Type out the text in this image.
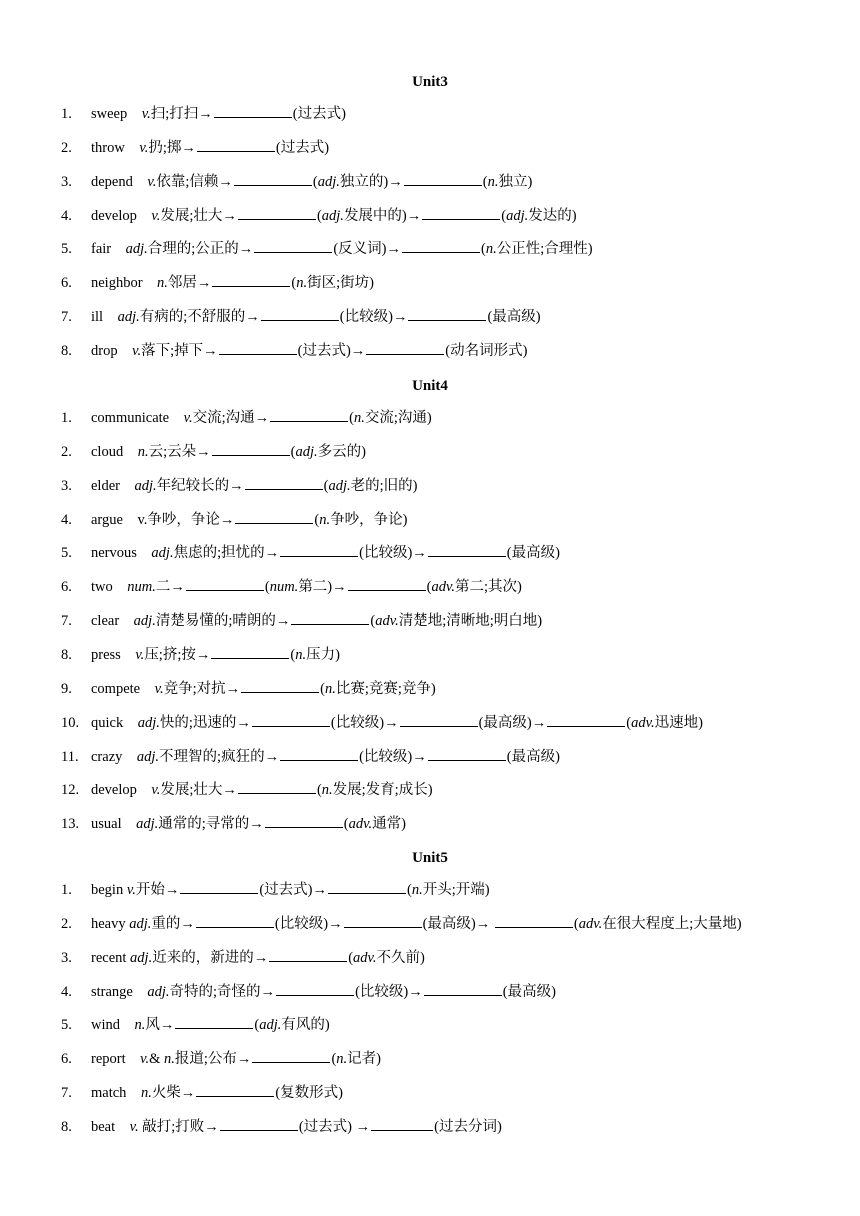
Unit3
1. sweep　v.扫;打扫→	(过去式)
2. throw　v.扔;掷→	(过去式)
3. depend　v.依靠;信赖→	(adj.独立的)→	(n.独立)
4. develop　v.发展;壮大→	(adj.发展中的)→	(adj.发达的)
5. fair　adj.合理的;公正的→	(反义词)→	(n.公正性;合理性)
6. neighbor　n.邻居→	(n.街区;街坊)
7. ill　adj.有病的;不舒服的→	(比较级)→	(最高级)
8. drop　v.落下;掉下→	(过去式)→	(动名词形式)
Unit4
1. communicate　v.交流;沟通→	(n.交流;沟通)
2. cloud　n.云;云朵→	(adj.多云的)
3. elder　adj.年纪较长的→	(adj.老的;旧的)
4. argue　v.争吵，争论→	(n.争吵，争论)
5. nervous　adj.焦虑的;担忧的→	(比较级)→	(最高级)
6. two　num.二→	(num.第二)→	(adv.第二;其次)
7. clear　adj.清楚易懂的;晴朗的→	(adv.清楚地;清晰地;明白地)
8. press　v.压;挤;按→	(n.压力)
9. compete　v.竞争;对抗→	(n.比赛;竞赛;竞争)
10. quick　adj.快的;迅速的→	(比较级)→	(最高级)→	(adv.迅速地)
11. crazy　adj.不理智的;疯狂的→	(比较级)→	(最高级)
12. develop　v.发展;壮大→	(n.发展;发育;成长)
13. usual　adj.通常的;寻常的→	(adv.通常)
Unit5
1. begin v.开始→	(过去式)→	(n.开头;开端)
2. heavy adj.重的→	(比较级)→	(最高级)→	(adv.在很大程度上;大量地)
3. recent adj.近来的，新进的→	(adv.不久前)
4. strange　adj.奇特的;奇怪的→	(比较级)→	(最高级)
5. wind　n.风→	(adj.有风的)
6. report　v.& n.报道;公布→	(n.记者)
7. match　n.火柴→	(复数形式)
8. beat　v. 敲打;打败→	(过去式) →	(过去分词)
